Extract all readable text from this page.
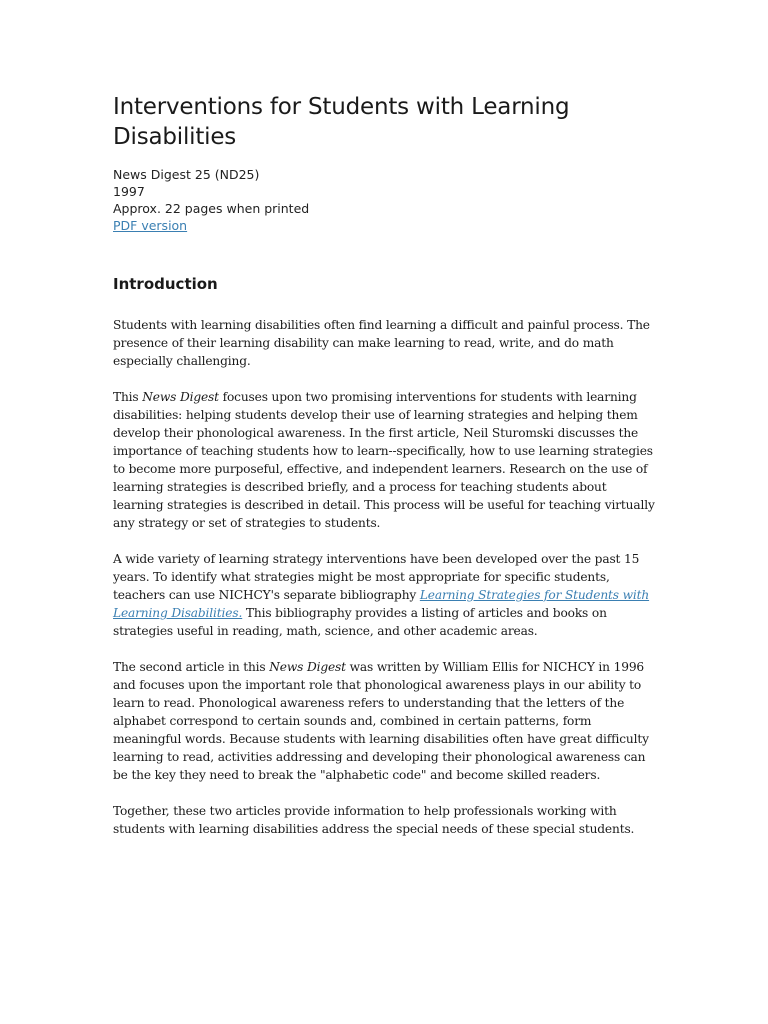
Interventions for Students with Learning Disabilities
News Digest 25 (ND25)
1997
Approx. 22 pages when printed
PDF version
Introduction

Students with learning disabilities often find learning a difficult and painful process. The presence of their learning disability can make learning to read, write, and do math especially challenging.

This News Digest focuses upon two promising interventions for students with learning disabilities: helping students develop their use of learning strategies and helping them develop their phonological awareness. In the first article, Neil Sturomski discusses the importance of teaching students how to learn--specifically, how to use learning strategies to become more purposeful, effective, and independent learners. Research on the use of learning strategies is described briefly, and a process for teaching students about learning strategies is described in detail. This process will be useful for teaching virtually any strategy or set of strategies to students.

A wide variety of learning strategy interventions have been developed over the past 15 years. To identify what strategies might be most appropriate for specific students, teachers can use NICHCY's separate bibliography Learning Strategies for Students with Learning Disabilities. This bibliography provides a listing of articles and books on strategies useful in reading, math, science, and other academic areas.

The second article in this News Digest was written by William Ellis for NICHCY in 1996 and focuses upon the important role that phonological awareness plays in our ability to learn to read. Phonological awareness refers to understanding that the letters of the alphabet correspond to certain sounds and, combined in certain patterns, form meaningful words. Because students with learning disabilities often have great difficulty learning to read, activities addressing and developing their phonological awareness can be the key they need to break the "alphabetic code" and become skilled readers.

Together, these two articles provide information to help professionals working with students with learning disabilities address the special needs of these special students.
